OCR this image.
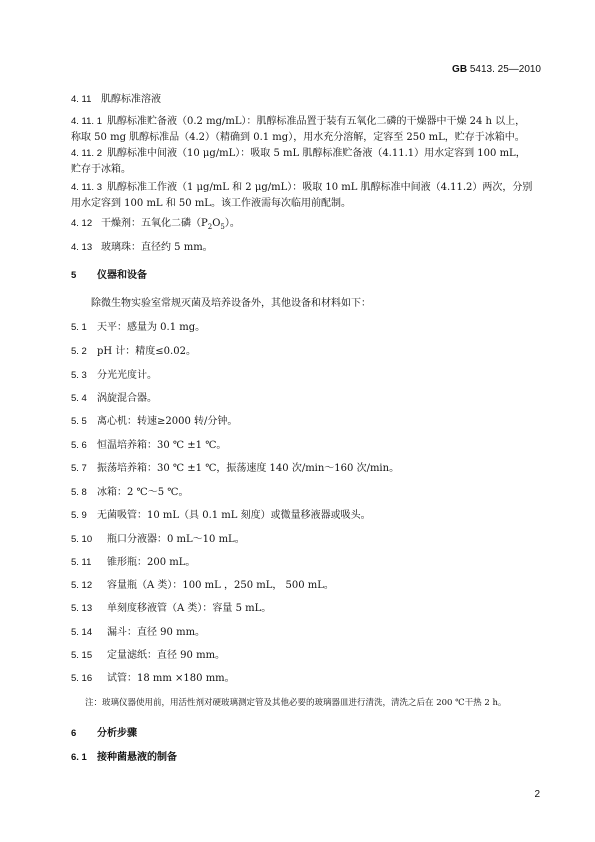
GB 5413. 25—2010
4. 11 肌醇标准溶液
4. 11. 1 肌醇标准贮备液（0.2 mg/mL）：肌醇标准品置于装有五氧化二磷的干燥器中干燥 24 h 以上，
称取 50 mg 肌醇标准品（4.2）（精确到 0.1 mg），用水充分溶解，定容至 250 mL，贮存于冰箱中。
4. 11. 2 肌醇标准中间液（10 μg/mL）：吸取 5 mL 肌醇标准贮备液（4.11.1）用水定容到 100 mL，
贮存于冰箱。
4. 11. 3 肌醇标准工作液（1 μg/mL 和 2 μg/mL）：吸取 10 mL 肌醇标准中间液（4.11.2）两次，分别
用水定容到 100 mL 和 50 mL。该工作液需每次临用前配制。
4. 12 干燥剂：五氧化二磷$(P_2O_5)$。
4. 13 玻璃珠：直径约 5 mm。
5 仪器和设备
除微生物实验室常规灭菌及培养设备外，其他设备和材料如下：
5. 1 天平：感量为 0.1 mg。
5. 2 pH 计：精度≤0.02。
5. 3 分光光度计。
5. 4 涡旋混合器。
5. 5 离心机：转速≥2000 转/分钟。
5. 6 恒温培养箱：30 ℃ ±1 ℃。
5. 7 振荡培养箱：30 ℃ ±1 ℃，振荡速度 140 次/min～160 次/min。
5. 8 冰箱：2 ℃～5 ℃。
5. 9 无菌吸管：10 mL（具 0.1 mL 刻度）或微量移液器或吸头。
5. 10 瓶口分液器：0 mL～10 mL。
5. 11 锥形瓶：200 mL。
5. 12 容量瓶（A 类）：100 mL ，250 mL， 500 mL。
5. 13 单刻度移液管（A 类）：容量 5 mL。
5. 14 漏斗：直径 90 mm。
5. 15 定量滤纸：直径 90 mm。
5. 16 试管：18 mm ×180 mm。
注：玻璃仪器使用前，用活性剂对硬玻璃测定管及其他必要的玻璃器皿进行清洗，清洗之后在 200 ℃干热 2 h。
6 分析步骤
6. 1 接种菌悬液的制备
2
